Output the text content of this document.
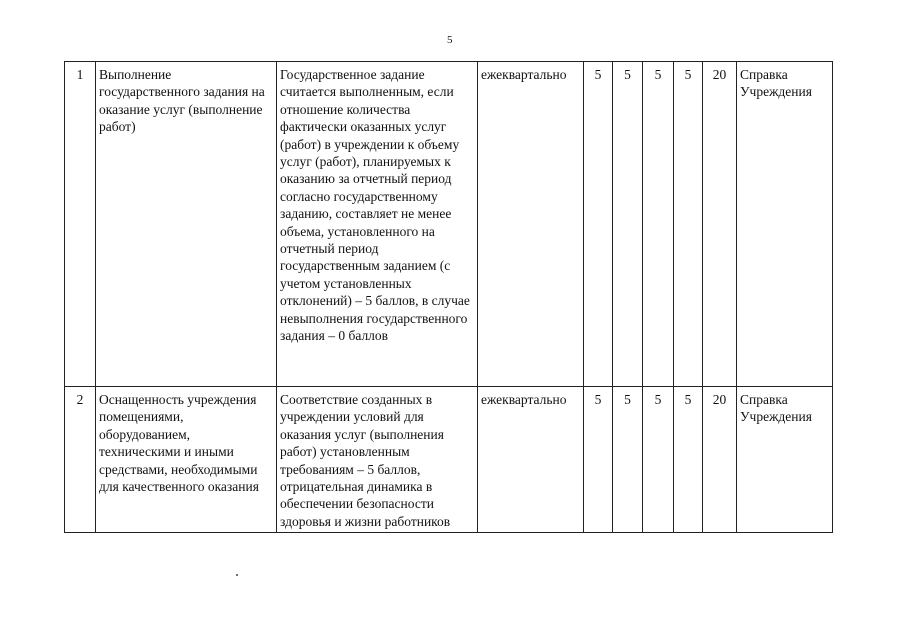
5
1	Выполнение государственного задания на оказание услуг (выполнение работ)	Государственное задание считается выполненным, если отношение количества фактически оказанных услуг (работ) в учреждении к объему услуг (работ), планируемых к оказанию за отчетный период согласно государственному заданию, составляет не менее объема, установленного на отчетный период государственным заданием (с учетом установленных отклонений) – 5 баллов, в случае невыполнения государственного задания – 0 баллов	ежеквартально	5	5	5	5	20	Справка Учреждения
2	Оснащенность учреждения помещениями, оборудованием, техническими и иными средствами, необходимыми для качественного оказания	Соответствие созданных в учреждении условий для оказания услуг (выполнения работ) установленным требованиям – 5 баллов, отрицательная динамика в обеспечении безопасности здоровья и жизни работников	ежеквартально	5	5	5	5	20	Справка Учреждения
